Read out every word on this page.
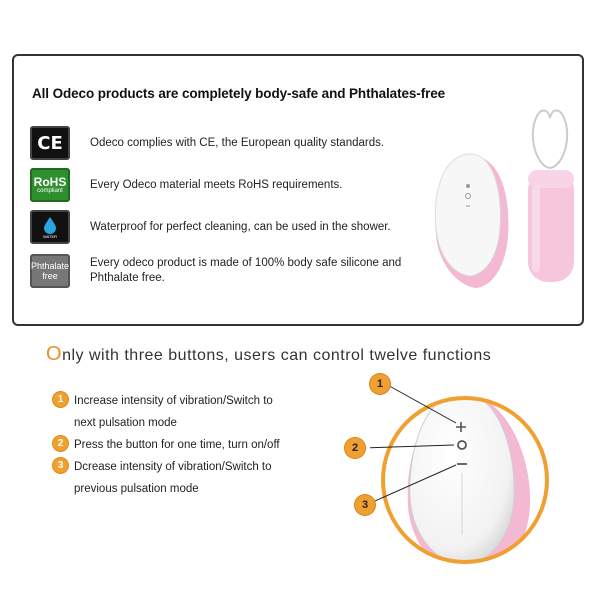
All Odeco products are completely body-safe and Phthalates-free
CE Odeco complies with CE, the European quality standards.
RoHS
compliant Every Odeco material meets RoHS requirements.
WATER
Waterproof for perfect cleaning, can be used in the shower.
Phthalate
free
Every odeco product is made of 100% body safe silicone and Phthalate free.
Only with three buttons, users can control twelve functions
1 Increase intensity of vibration/Switch to
next pulsation mode
2 Press the button for one time, turn on/off
3 Dcrease intensity of vibration/Switch to
previous pulsation mode
1
2
3
